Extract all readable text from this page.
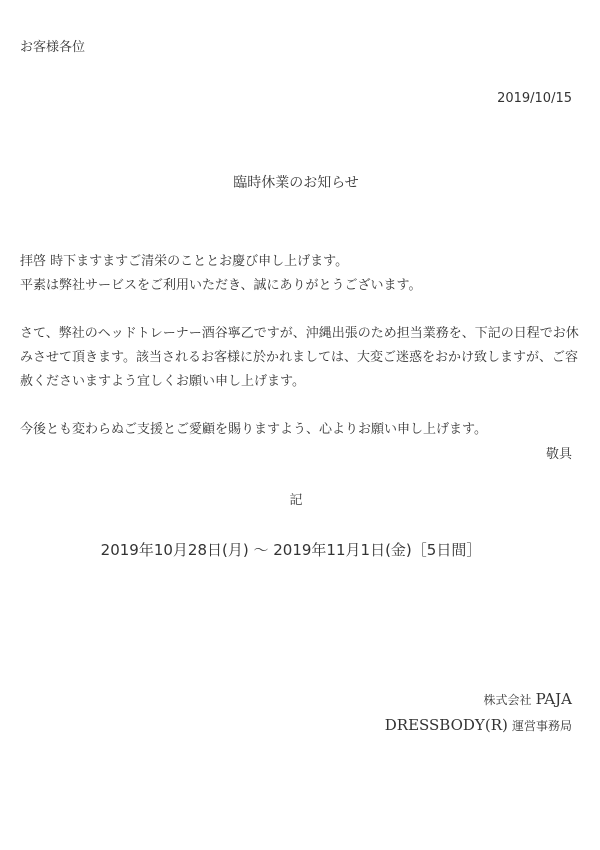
お客様各位
2019/10/15
臨時休業のお知らせ

拝啓 時下ますますご清栄のこととお慶び申し上げます。

平素は弊社サービスをご利用いただき、誠にありがとうございます。

さて、弊社のヘッドトレーナー酒谷寧乙ですが、沖縄出張のため担当業務を、下記の日程でお休みさせて頂きます。該当されるお客様に於かれましては、大変ご迷惑をおかけ致しますが、ご容赦くださいますよう宜しくお願い申し上げます。

今後とも変わらぬご支援とご愛顧を賜りますよう、心よりお願い申し上げます。

敬具
記
2019年10月28日(月) 〜 2019年11月1日(金)［5日間］
株式会社 PAJA
DRESSBODY(R) 運営事務局
